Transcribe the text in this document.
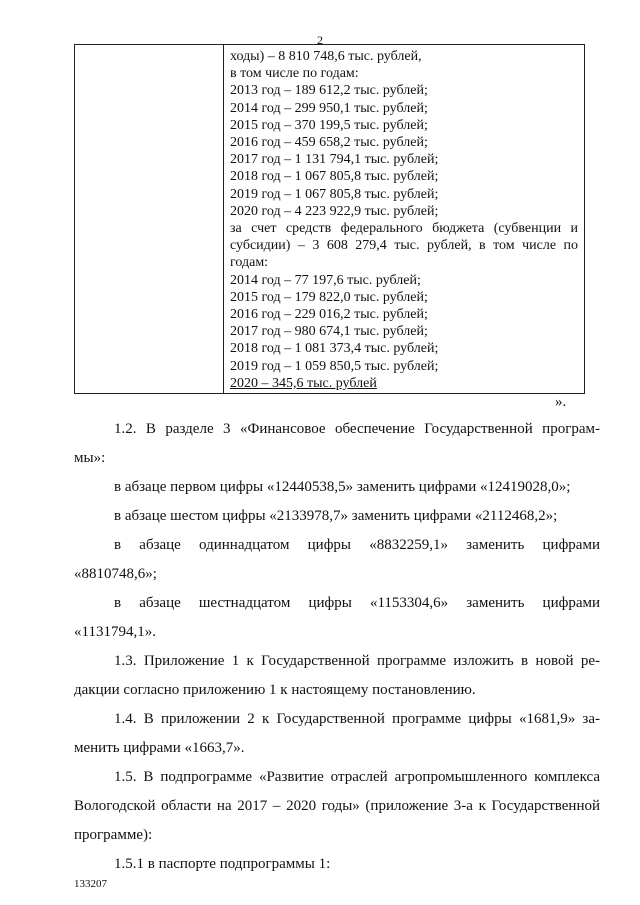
2
ходы) – 8 810 748,6 тыс. рублей,
в том числе по годам:
2013 год – 189 612,2 тыс. рублей;
2014 год – 299 950,1 тыс. рублей;
2015 год – 370 199,5 тыс. рублей;
2016 год – 459 658,2 тыс. рублей;
2017 год – 1 131 794,1 тыс. рублей;
2018 год – 1 067 805,8 тыс. рублей;
2019 год – 1 067 805,8 тыс. рублей;
2020 год – 4 223 922,9 тыс. рублей;
за счет средств федерального бюджета (субвенции и субсидии) – 3 608 279,4 тыс. рублей, в том числе по годам:
2014 год – 77 197,6 тыс. рублей;
2015 год – 179 822,0 тыс. рублей;
2016 год – 229 016,2 тыс. рублей;
2017 год – 980 674,1 тыс. рублей;
2018 год – 1 081 373,4 тыс. рублей;
2019 год – 1 059 850,5 тыс. рублей;
2020 – 345,6 тыс. рублей
».
1.2. В разделе 3 «Финансовое обеспечение Государственной програм-
мы»:
в абзаце первом цифры «12440538,5» заменить цифрами «12419028,0»;
в абзаце шестом цифры «2133978,7» заменить цифрами «2112468,2»;
в абзаце одиннадцатом цифры «8832259,1» заменить цифрами
«8810748,6»;
в абзаце шестнадцатом цифры «1153304,6» заменить цифрами
«1131794,1».
1.3. Приложение 1 к Государственной программе изложить в новой ре-
дакции согласно приложению 1 к настоящему постановлению.
1.4. В приложении 2 к Государственной программе цифры «1681,9» за-
менить цифрами «1663,7».
1.5. В подпрограмме «Развитие отраслей агропромышленного комплекса
Вологодской области на 2017 – 2020 годы» (приложение 3-а к Государственной
программе):
1.5.1 в паспорте подпрограммы 1:
133207
